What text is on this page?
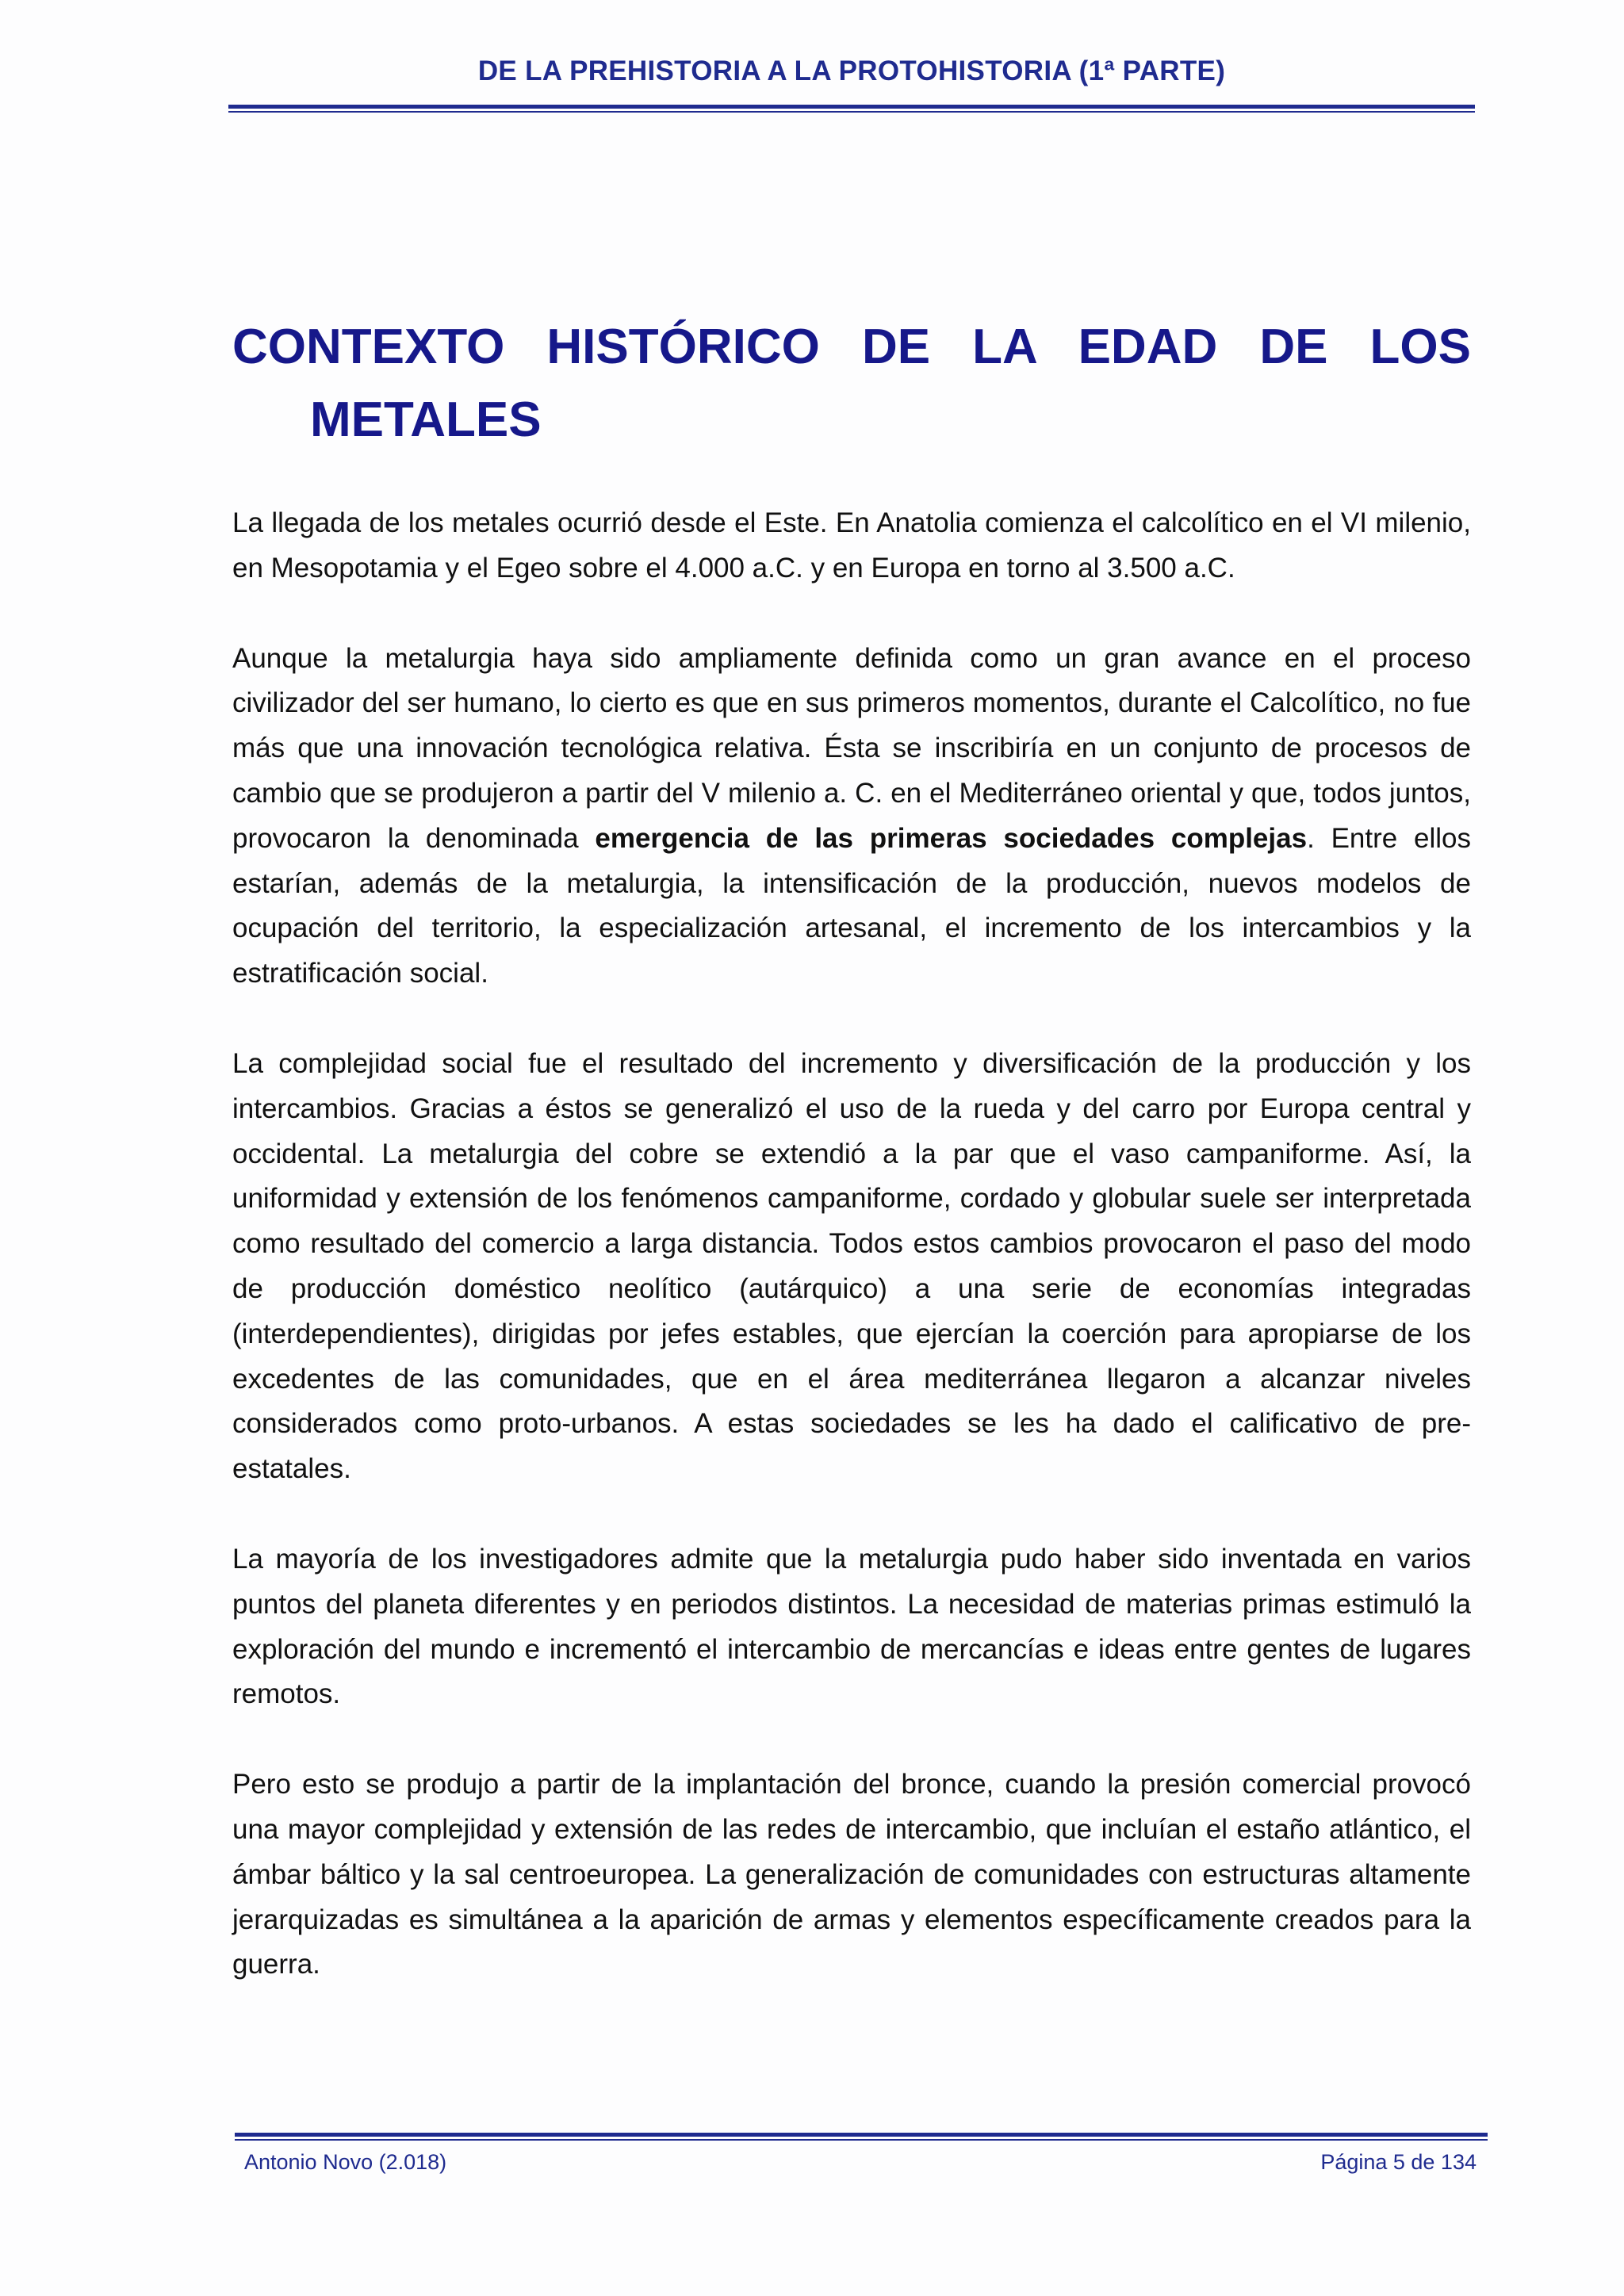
DE LA PREHISTORIA A LA PROTOHISTORIA (1ª PARTE)
CONTEXTO HISTÓRICO DE LA EDAD DE LOS
METALES

La llegada de los metales ocurrió desde el Este. En Anatolia comienza el calcolítico en el VI milenio, en Mesopotamia y el Egeo sobre el 4.000 a.C. y en Europa en torno al 3.500 a.C.

Aunque la metalurgia haya sido ampliamente definida como un gran avance en el proceso civilizador del ser humano, lo cierto es que en sus primeros momentos, durante el Calcolítico, no fue más que una innovación tecnológica relativa. Ésta se inscribiría en un conjunto de procesos de cambio que se produjeron a partir del V milenio a. C. en el Mediterráneo oriental y que, todos juntos, provocaron la denominada emergencia de las primeras sociedades complejas. Entre ellos estarían, además de la metalurgia, la intensificación de la producción, nuevos modelos de ocupación del territorio, la especialización artesanal, el incremento de los intercambios y la estratificación social.

La complejidad social fue el resultado del incremento y diversificación de la producción y los intercambios. Gracias a éstos se generalizó el uso de la rueda y del carro por Europa central y occidental. La metalurgia del cobre se extendió a la par que el vaso campaniforme. Así, la uniformidad y extensión de los fenómenos campaniforme, cordado y globular suele ser interpretada como resultado del comercio a larga distancia. Todos estos cambios provocaron el paso del modo de producción doméstico neolítico (autárquico) a una serie de economías integradas (interdependientes), dirigidas por jefes estables, que ejercían la coerción para apropiarse de los excedentes de las comunidades, que en el área mediterránea llegaron a alcanzar niveles considerados como proto-urbanos. A estas sociedades se les ha dado el calificativo de pre-estatales.

La mayoría de los investigadores admite que la metalurgia pudo haber sido inventada en varios puntos del planeta diferentes y en periodos distintos. La necesidad de materias primas estimuló la exploración del mundo e incrementó el intercambio de mercancías e ideas entre gentes de lugares remotos.

Pero esto se produjo a partir de la implantación del bronce, cuando la presión comercial provocó una mayor complejidad y extensión de las redes de intercambio, que incluían el estaño atlántico, el ámbar báltico y la sal centroeuropea. La generalización de comunidades con estructuras altamente jerarquizadas es simultánea a la aparición de armas y elementos específicamente creados para la guerra.

Antonio Novo (2.018)	Página 5 de 134
